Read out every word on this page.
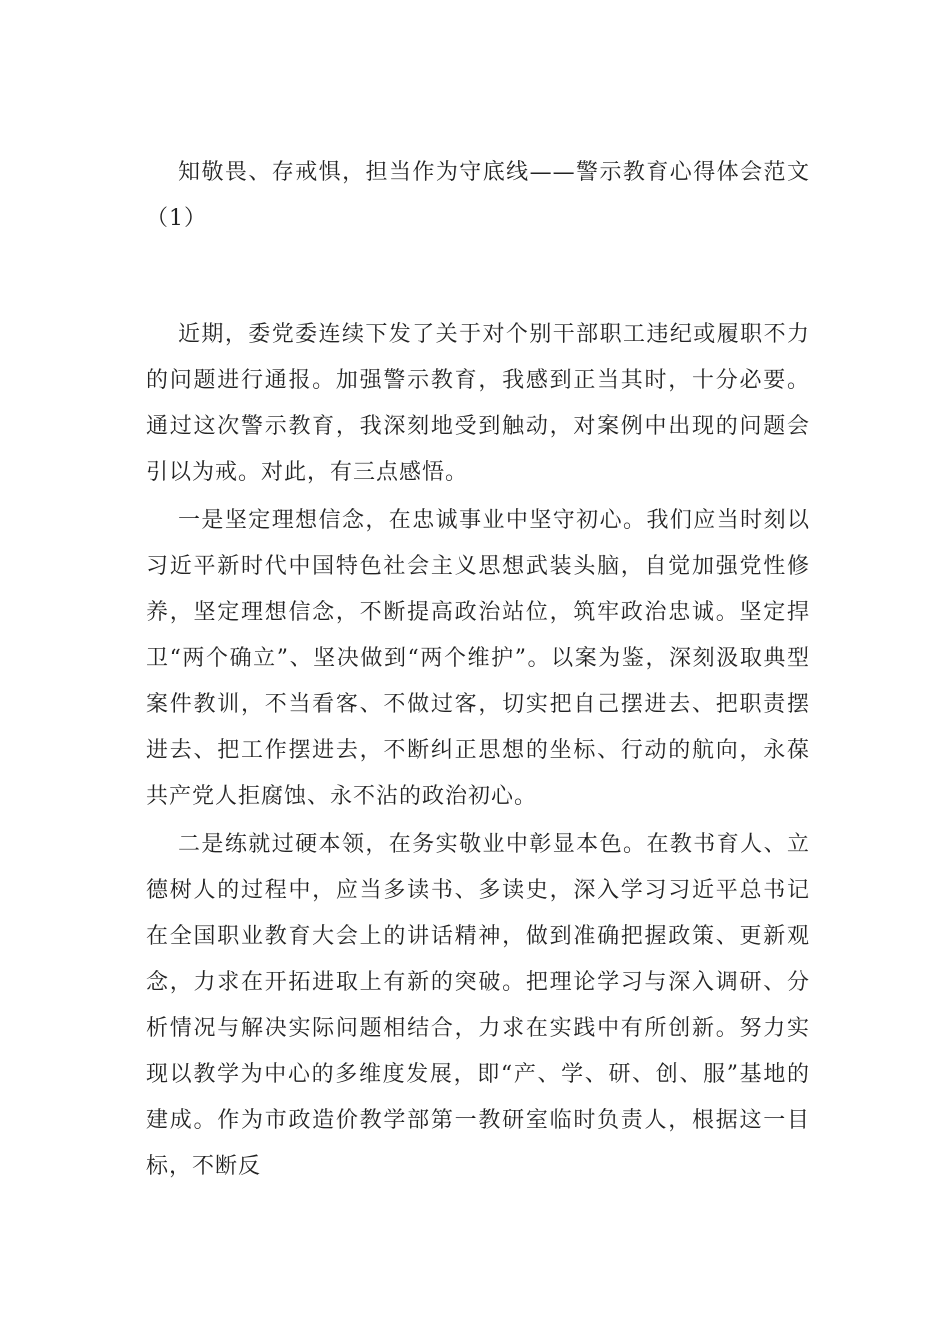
知敬畏、存戒惧，担当作为守底线——警示教育心得体会范文（1）

近期，委党委连续下发了关于对个别干部职工违纪或履职不力的问题进行通报。加强警示教育，我感到正当其时，十分必要。通过这次警示教育，我深刻地受到触动，对案例中出现的问题会引以为戒。对此，有三点感悟。

一是坚定理想信念，在忠诚事业中坚守初心。我们应当时刻以习近平新时代中国特色社会主义思想武装头脑，自觉加强党性修养，坚定理想信念，不断提高政治站位，筑牢政治忠诚。坚定捍卫“两个确立”、坚决做到“两个维护”。以案为鉴，深刻汲取典型案件教训，不当看客、不做过客，切实把自己摆进去、把职责摆进去、把工作摆进去，不断纠正思想的坐标、行动的航向，永葆共产党人拒腐蚀、永不沾的政治初心。

二是练就过硬本领，在务实敬业中彰显本色。在教书育人、立德树人的过程中，应当多读书、多读史，深入学习习近平总书记在全国职业教育大会上的讲话精神，做到准确把握政策、更新观念，力求在开拓进取上有新的突破。把理论学习与深入调研、分析情况与解决实际问题相结合，力求在实践中有所创新。努力实现以教学为中心的多维度发展，即“产、学、研、创、服”基地的建成。作为市政造价教学部第一教研室临时负责人，根据这一目标，不断反
